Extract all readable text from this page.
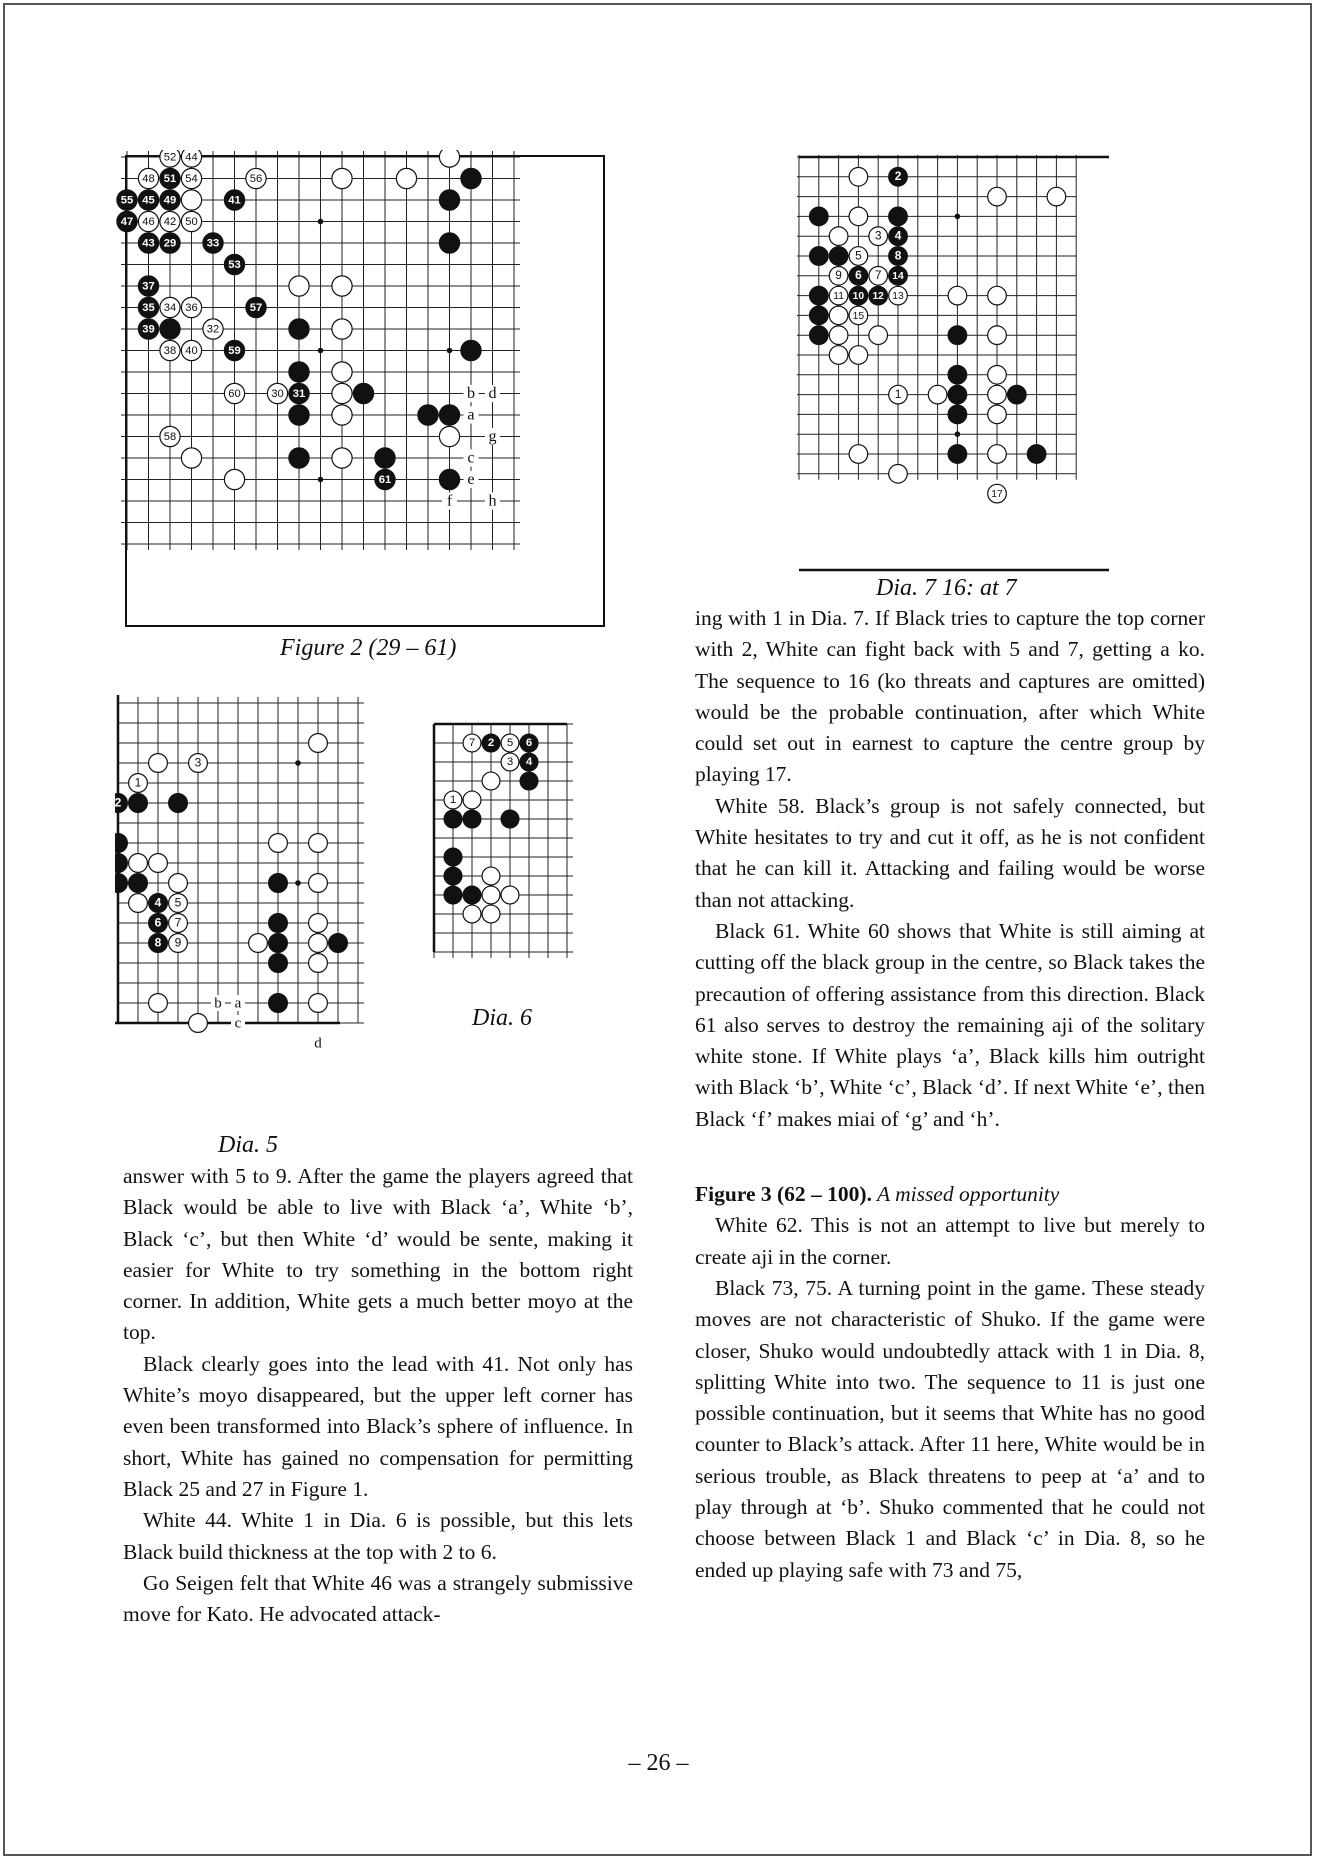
52 44
48 51 54	56
55 45 49	41
47 46 42 50
43 29	33
53
37
35 34 36	57
39	32
38 40	59
60	30 31
58
61
b d
a
g
c
e
f h
Figure 2 (29 – 61)
3
1
2
4 5
6 7
8 9
b a
c
d
Dia. 5
7 2 5 6
3 4
1
Dia. 6
2
3 4
5	8
9 6 7 14
11 10 12 13
15
1
17
Dia. 7 16: at 7

answer with 5 to 9. After the game the players agreed that Black would be able to live with Black ‘a’, White ‘b’, Black ‘c’, but then White ‘d’ would be sente, making it easier for White to try something in the bottom right corner. In addition, White gets a much better moyo at the top.

Black clearly goes into the lead with 41. Not only has White’s moyo disappeared, but the upper left corner has even been transformed into Black’s sphere of influence. In short, White has gained no compensation for permitting Black 25 and 27 in Figure 1.

White 44. White 1 in Dia. 6 is possible, but this lets Black build thickness at the top with 2 to 6.

Go Seigen felt that White 46 was a strangely submissive move for Kato. He advocated attack-

ing with 1 in Dia. 7. If Black tries to capture the top corner with 2, White can fight back with 5 and 7, getting a ko. The sequence to 16 (ko threats and captures are omitted) would be the probable continuation, after which White could set out in earnest to capture the centre group by playing 17.

White 58. Black’s group is not safely connected, but White hesitates to try and cut it off, as he is not confident that he can kill it. Attacking and failing would be worse than not attacking.

Black 61. White 60 shows that White is still aiming at cutting off the black group in the centre, so Black takes the precaution of offering assistance from this direction. Black 61 also serves to destroy the remaining aji of the solitary white stone. If White plays ‘a’, Black kills him outright with Black ‘b’, White ‘c’, Black ‘d’. If next White ‘e’, then Black ‘f’ makes miai of ‘g’ and ‘h’.

Figure 3 (62 – 100). A missed opportunity

White 62. This is not an attempt to live but merely to create aji in the corner.

Black 73, 75. A turning point in the game. These steady moves are not characteristic of Shuko. If the game were closer, Shuko would undoubtedly attack with 1 in Dia. 8, splitting White into two. The sequence to 11 is just one possible continuation, but it seems that White has no good counter to Black’s attack. After 11 here, White would be in serious trouble, as Black threatens to peep at ‘a’ and to play through at ‘b’. Shuko commented that he could not choose between Black 1 and Black ‘c’ in Dia. 8, so he ended up playing safe with 73 and 75,

– 26 –
